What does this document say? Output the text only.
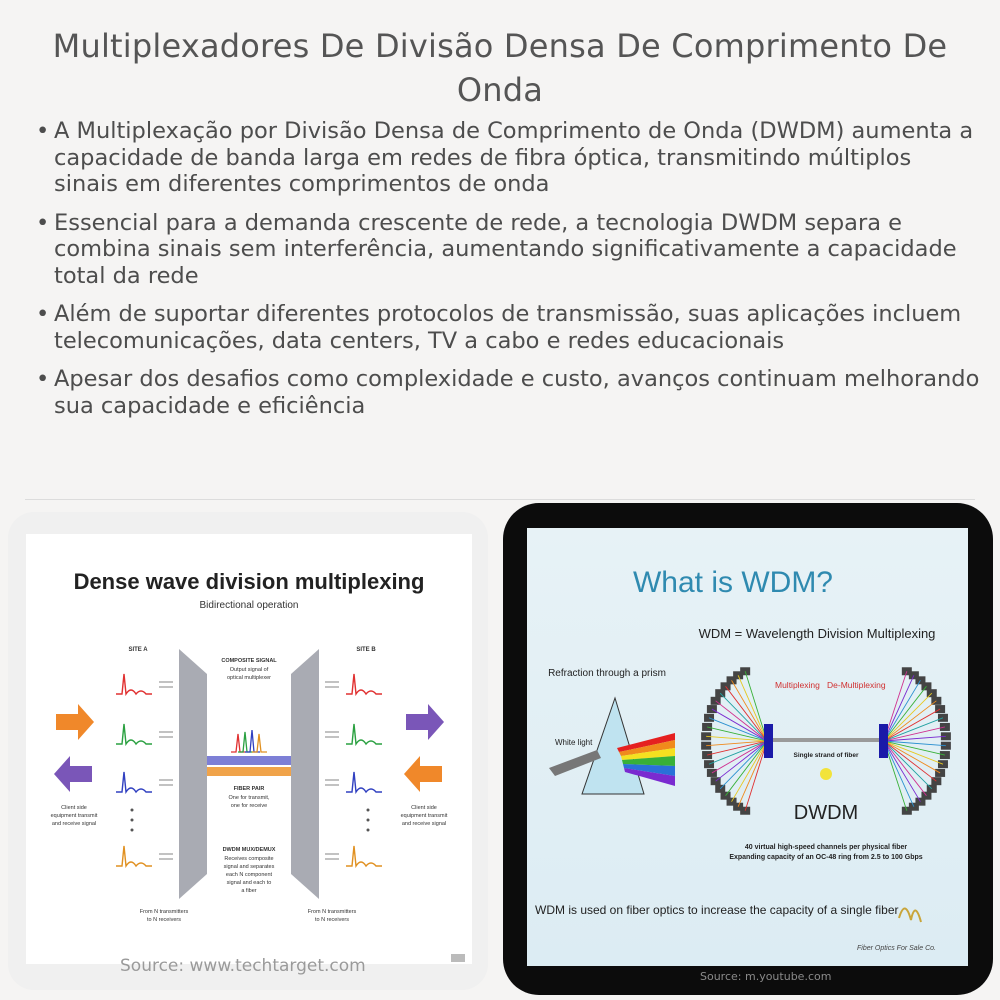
Multiplexadores De Divisão Densa De Comprimento De Onda
• A Multiplexação por Divisão Densa de Comprimento de Onda (DWDM) aumenta a capacidade de banda larga em redes de fibra óptica, transmitindo múltiplos sinais em diferentes comprimentos de onda
• Essencial para a demanda crescente de rede, a tecnologia DWDM separa e combina sinais sem interferência, aumentando significativamente a capacidade total da rede
• Além de suportar diferentes protocolos de transmissão, suas aplicações incluem telecomunicações, data centers, TV a cabo e redes educacionais
• Apesar dos desafios como complexidade e custo, avanços continuam melhorando sua capacidade e eficiência
Dense wave division multiplexing
Bidirectional operation
SITE A	SITE B
COMPOSITE SIGNAL
Output signal of
optical multiplexer
FIBER PAIR
One for transmit,
one for receive
DWDM MUX/DEMUX
Receives composite
signal and separates
each N component
signal and each to
a fiber
Client side
equipment transmit
and receive signal
Client side
equipment transmit
and receive signal
From N transmitters
to N receivers
From N transmitters
to N receivers
Source: www.techtarget.com
What is WDM?
WDM = Wavelength Division Multiplexing
Refraction through a prism
White light
Multiplexing De-Multiplexing
Single strand of fiber
DWDM
40 virtual high-speed channels per physical fiber
Expanding capacity of an OC-48 ring from 2.5 to 100 Gbps
WDM is used on fiber optics to increase the capacity of a single fiber
Fiber Optics For Sale Co.
Source: m.youtube.com
